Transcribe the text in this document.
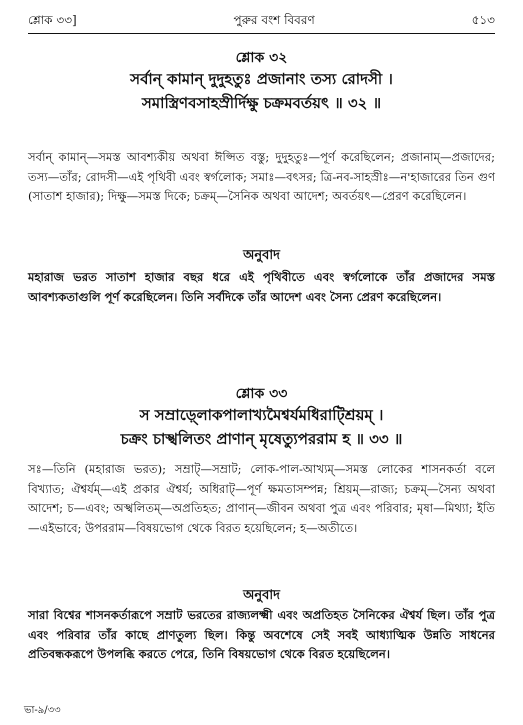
শ্লোক ৩৩]	পুরুর বংশ বিবরণ	৫১৩
শ্লোক ৩২
সর্বান্ কামান্ দুদুহতুঃ প্রজানাং তস্য রোদসী ।
সমাস্ত্রিণবসাহস্রীর্দিক্ষু চক্রমবর্তয়ৎ ॥ ৩২ ॥
সর্বান্ কামান্—সমস্ত আবশ্যকীয় অথবা ঈপ্সিত বস্তু; দুদুহতুঃ—পূর্ণ করেছিলেন; প্রজানাম্—প্রজাদের; তস্য—তাঁর; রোদসী—এই পৃথিবী এবং স্বর্গলোক; সমাঃ—বৎসর; ত্রি-নব-সাহস্রীঃ—ন'হাজারের তিন গুণ (সাতাশ হাজার); দিক্ষু—সমস্ত দিকে; চক্রম্—সৈনিক অথবা আদেশ; অবর্তয়ৎ—প্রেরণ করেছিলেন।
অনুবাদ
মহারাজ ভরত সাতাশ হাজার বছর ধরে এই পৃথিবীতে এবং স্বর্গলোকে তাঁর প্রজাদের সমস্ত আবশ্যকতাগুলি পূর্ণ করেছিলেন। তিনি সর্বদিকে তাঁর আদেশ এবং সৈন্য প্রেরণ করেছিলেন।
শ্লোক ৩৩
স সম্রাড়্লোকপালাখ্যমৈশ্বর্যমধিরাট্শ্রিয়ম্ ।
চক্রং চাস্খলিতং প্রাণান্ মৃষেত্যুপররাম হ ॥ ৩৩ ॥
সঃ—তিনি (মহারাজ ভরত); সম্রাট্—সম্রাট; লোক-পাল-আখ্যম্—সমস্ত লোকের শাসনকর্তা বলে বিখ্যাত; ঐশ্বর্যম্—এই প্রকার ঐশ্বর্য; অধিরাট্—পূর্ণ ক্ষমতাসম্পন্ন; শ্রিয়ম্—রাজ্য; চক্রম্—সৈন্য অথবা আদেশ; চ—এবং; অস্খলিতম্—অপ্রতিহত; প্রাণান্—জীবন অথবা পুত্র এবং পরিবার; মৃষা—মিথ্যা; ইতি—এইভাবে; উপররাম—বিষয়ভোগ থেকে বিরত হয়েছিলেন; হ—অতীতে।
অনুবাদ
সারা বিশ্বের শাসনকর্তারূপে সম্রাট ভরতের রাজ্যলক্ষ্মী এবং অপ্রতিহত সৈনিকের ঐশ্বর্য ছিল। তাঁর পুত্র এবং পরিবার তাঁর কাছে প্রাণতুল্য ছিল। কিন্তু অবশেষে সেই সবই আধ্যাত্মিক উন্নতি সাধনের প্রতিবন্ধকরূপে উপলব্ধি করতে পেরে, তিনি বিষয়ভোগ থেকে বিরত হয়েছিলেন।
ভা-৯/৩৩
